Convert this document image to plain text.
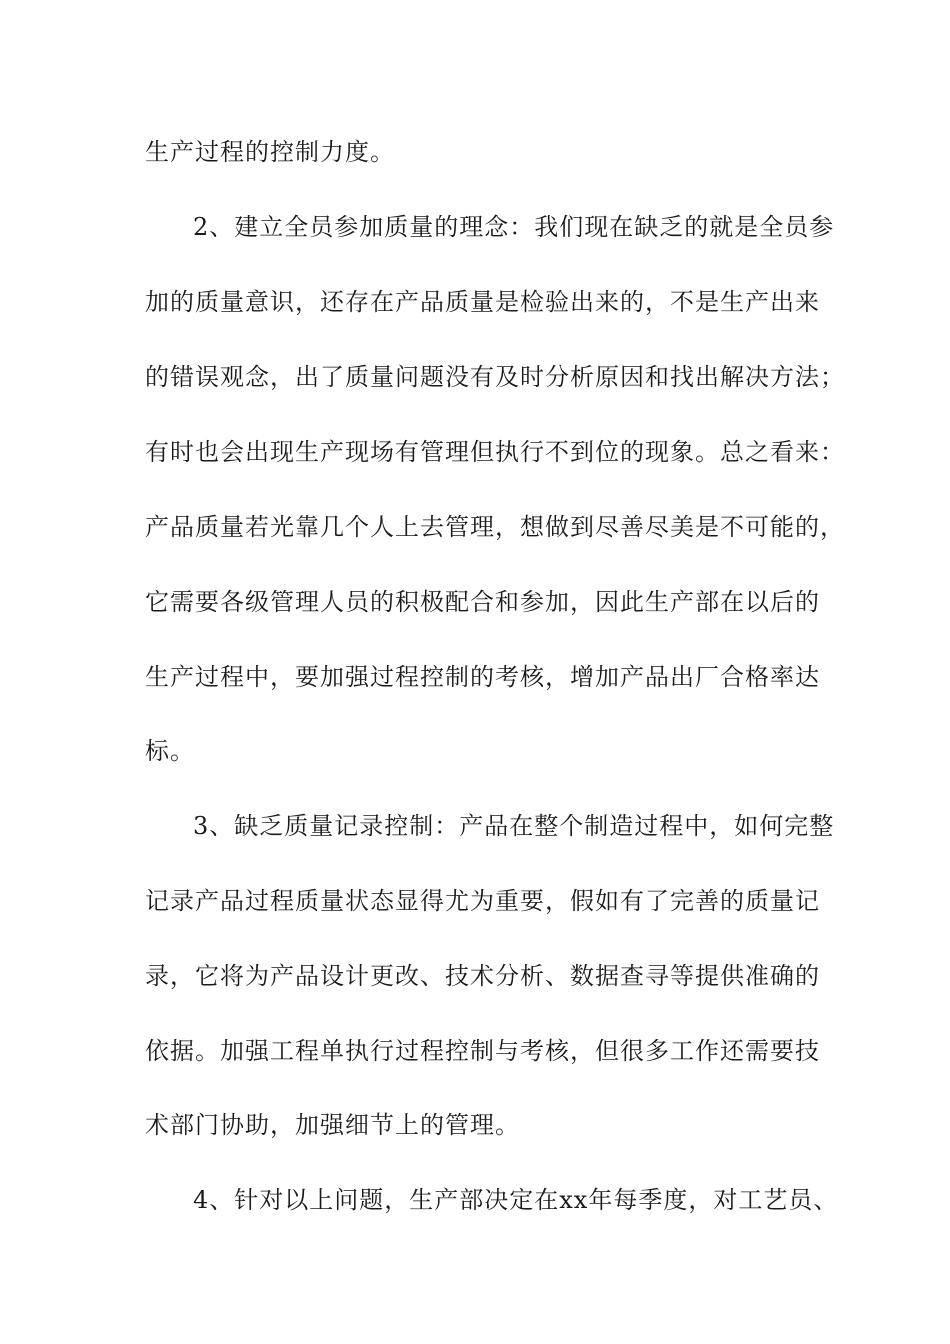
生产过程的控制力度。
2、建立全员参加质量的理念：我们现在缺乏的就是全员参
加的质量意识，还存在产品质量是检验出来的，不是生产出来
的错误观念，出了质量问题没有及时分析原因和找出解决方法；
有时也会出现生产现场有管理但执行不到位的现象。总之看来：
产品质量若光靠几个人上去管理，想做到尽善尽美是不可能的，
它需要各级管理人员的积极配合和参加，因此生产部在以后的
生产过程中，要加强过程控制的考核，增加产品出厂合格率达
标。
3、缺乏质量记录控制：产品在整个制造过程中，如何完整
记录产品过程质量状态显得尤为重要，假如有了完善的质量记
录，它将为产品设计更改、技术分析、数据查寻等提供准确的
依据。加强工程单执行过程控制与考核，但很多工作还需要技
术部门协助，加强细节上的管理。
4、针对以上问题，生产部决定在xx年每季度，对工艺员、
